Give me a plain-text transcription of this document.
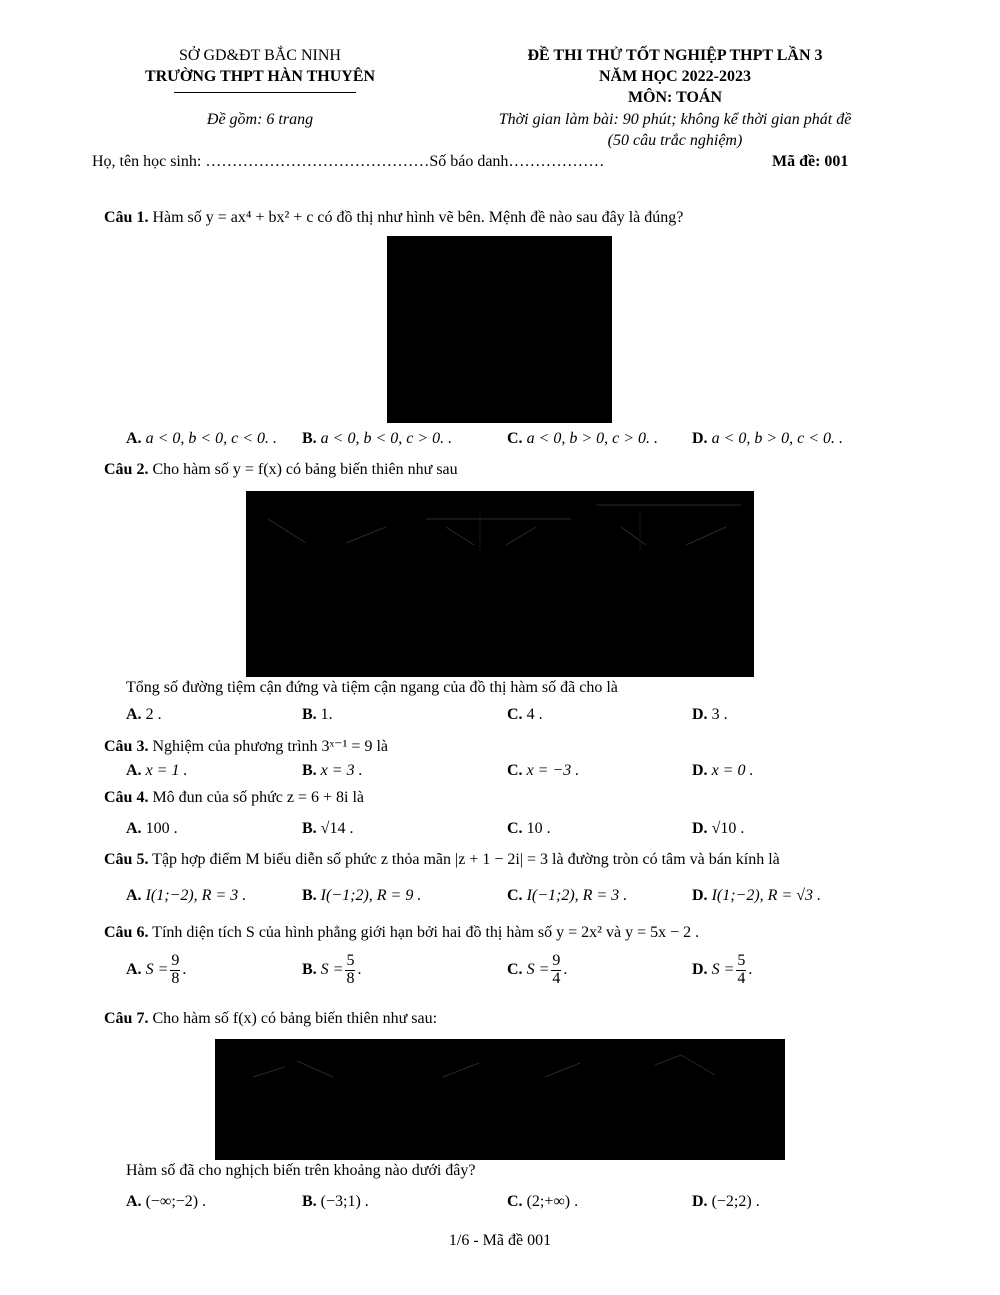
SỞ GD&ĐT BẮC NINH
TRƯỜNG THPT HÀN THUYÊN
Đề gồm: 6 trang
ĐỀ THI THỬ TỐT NGHIỆP THPT LẦN 3
NĂM HỌC 2022-2023
MÔN: TOÁN
Thời gian làm bài: 90 phút; không kể thời gian phát đề
(50 câu trắc nghiệm)
Họ, tên học sinh: ……………………………………Số báo danh………………	Mã đề: 001
Câu 1. Hàm số y = ax⁴ + bx² + c có đồ thị như hình vẽ bên. Mệnh đề nào sau đây là đúng?
A. a < 0, b < 0, c < 0. . B. a < 0, b < 0, c > 0. .	C. a < 0, b > 0, c > 0. . D. a < 0, b > 0, c < 0. .
Câu 2. Cho hàm số y = f(x) có bảng biến thiên như sau
Tổng số đường tiệm cận đứng và tiệm cận ngang của đồ thị hàm số đã cho là
A. 2 .	B. 1.	C. 4 .	D. 3 .
Câu 3. Nghiệm của phương trình 3ˣ⁻¹ = 9 là
A. x = 1 .	B. x = 3 .	C. x = −3 .	D. x = 0 .
Câu 4. Mô đun của số phức z = 6 + 8i là
A. 100 .	B. √14 .	C. 10 .	D. √10 .
Câu 5. Tập hợp điểm M biểu diễn số phức z thỏa mãn |z + 1 − 2i| = 3 là đường tròn có tâm và bán kính là
A. I(1;−2), R = 3 .	B. I(−1;2), R = 9 .	C. I(−1;2), R = 3 .	D. I(1;−2), R = √3 .
Câu 6. Tính diện tích S của hình phẳng giới hạn bởi hai đồ thị hàm số y = 2x² và y = 5x − 2 .
A. $S = \frac{9}{8}$ .	B. $S = \frac{5}{8}$ .	C. $S = \frac{9}{4}$ .	D. $S = \frac{5}{4}$ .
Câu 7. Cho hàm số f(x) có bảng biến thiên như sau:
Hàm số đã cho nghịch biến trên khoảng nào dưới đây?
A. (−∞;−2) .	B. (−3;1) .	C. (2;+∞) .	D. (−2;2) .
1/6 - Mã đề 001
